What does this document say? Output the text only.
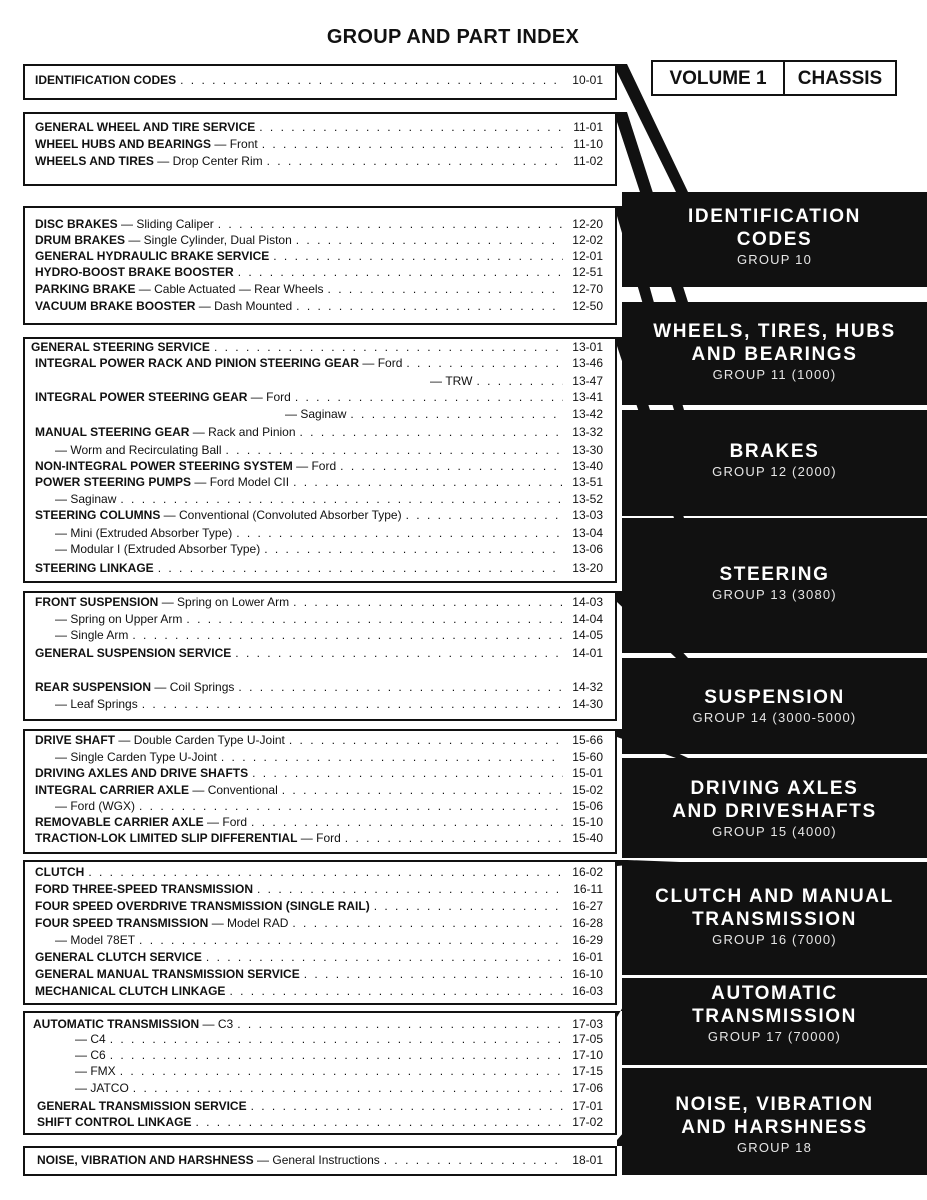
GROUP AND PART INDEX
VOLUME 1	CHASSIS
IDENTIFICATION CODES . . .	10-01
GENERAL WHEEL AND TIRE SERVICE . . .	11-01
WHEEL HUBS AND BEARINGS — Front . . .	11-10
WHEELS AND TIRES — Drop Center Rim . . .	11-02
DISC BRAKES — Sliding Caliper . . .	12-20
DRUM BRAKES — Single Cylinder, Dual Piston . . .	12-02
GENERAL HYDRAULIC BRAKE SERVICE . . .	12-01
HYDRO-BOOST BRAKE BOOSTER . . .	12-51
PARKING BRAKE — Cable Actuated — Rear Wheels . . .	12-70
VACUUM BRAKE BOOSTER — Dash Mounted . . .	12-50
GENERAL STEERING SERVICE . . .	13-01
INTEGRAL POWER RACK AND PINION STEERING GEAR — Ford . . .	13-46
— TRW . . .	13-47
INTEGRAL POWER STEERING GEAR — Ford . . .	13-41
— Saginaw . . .	13-42
MANUAL STEERING GEAR — Rack and Pinion . . .	13-32
— Worm and Recirculating Ball . . .	13-30
NON-INTEGRAL POWER STEERING SYSTEM — Ford . . .	13-40
POWER STEERING PUMPS — Ford Model CII . . .	13-51
— Saginaw . . .	13-52
STEERING COLUMNS — Conventional (Convoluted Absorber Type) . . .	13-03
— Mini (Extruded Absorber Type) . . .	13-04
— Modular I (Extruded Absorber Type) . . .	13-06
STEERING LINKAGE . . .	13-20
FRONT SUSPENSION — Spring on Lower Arm . . .	14-03
— Spring on Upper Arm . . .	14-04
— Single Arm . . .	14-05
GENERAL SUSPENSION SERVICE . . .	14-01
REAR SUSPENSION — Coil Springs . . .	14-32
— Leaf Springs . . .	14-30
DRIVE SHAFT — Double Carden Type U-Joint . . .	15-66
— Single Carden Type U-Joint . . .	15-60
DRIVING AXLES AND DRIVE SHAFTS . . .	15-01
INTEGRAL CARRIER AXLE — Conventional . . .	15-02
— Ford (WGX) . . .	15-06
REMOVABLE CARRIER AXLE — Ford . . .	15-10
TRACTION-LOK LIMITED SLIP DIFFERENTIAL — Ford . . .	15-40
CLUTCH . . .	16-02
FORD THREE-SPEED TRANSMISSION . . .	16-11
FOUR SPEED OVERDRIVE TRANSMISSION (SINGLE RAIL) . . .	16-27
FOUR SPEED TRANSMISSION — Model RAD . . .	16-28
— Model 78ET . . .	16-29
GENERAL CLUTCH SERVICE . . .	16-01
GENERAL MANUAL TRANSMISSION SERVICE . . .	16-10
MECHANICAL CLUTCH LINKAGE . . .	16-03
AUTOMATIC TRANSMISSION — C3 . . .	17-03
— C4 . . .	17-05
— C6 . . .	17-10
— FMX . . .	17-15
— JATCO . . .	17-06
GENERAL TRANSMISSION SERVICE . . .	17-01
SHIFT CONTROL LINKAGE . . .	17-02
NOISE, VIBRATION AND HARSHNESS — General Instructions . . .	18-01
IDENTIFICATION
CODES
GROUP 10
WHEELS, TIRES, HUBS
AND BEARINGS
GROUP 11 (1000)
BRAKES
GROUP 12 (2000)
STEERING
GROUP 13 (3080)
SUSPENSION
GROUP 14 (3000-5000)
DRIVING AXLES
AND DRIVESHAFTS
GROUP 15 (4000)
CLUTCH AND MANUAL
TRANSMISSION
GROUP 16 (7000)
AUTOMATIC
TRANSMISSION
GROUP 17 (70000)
NOISE, VIBRATION
AND HARSHNESS
GROUP 18
